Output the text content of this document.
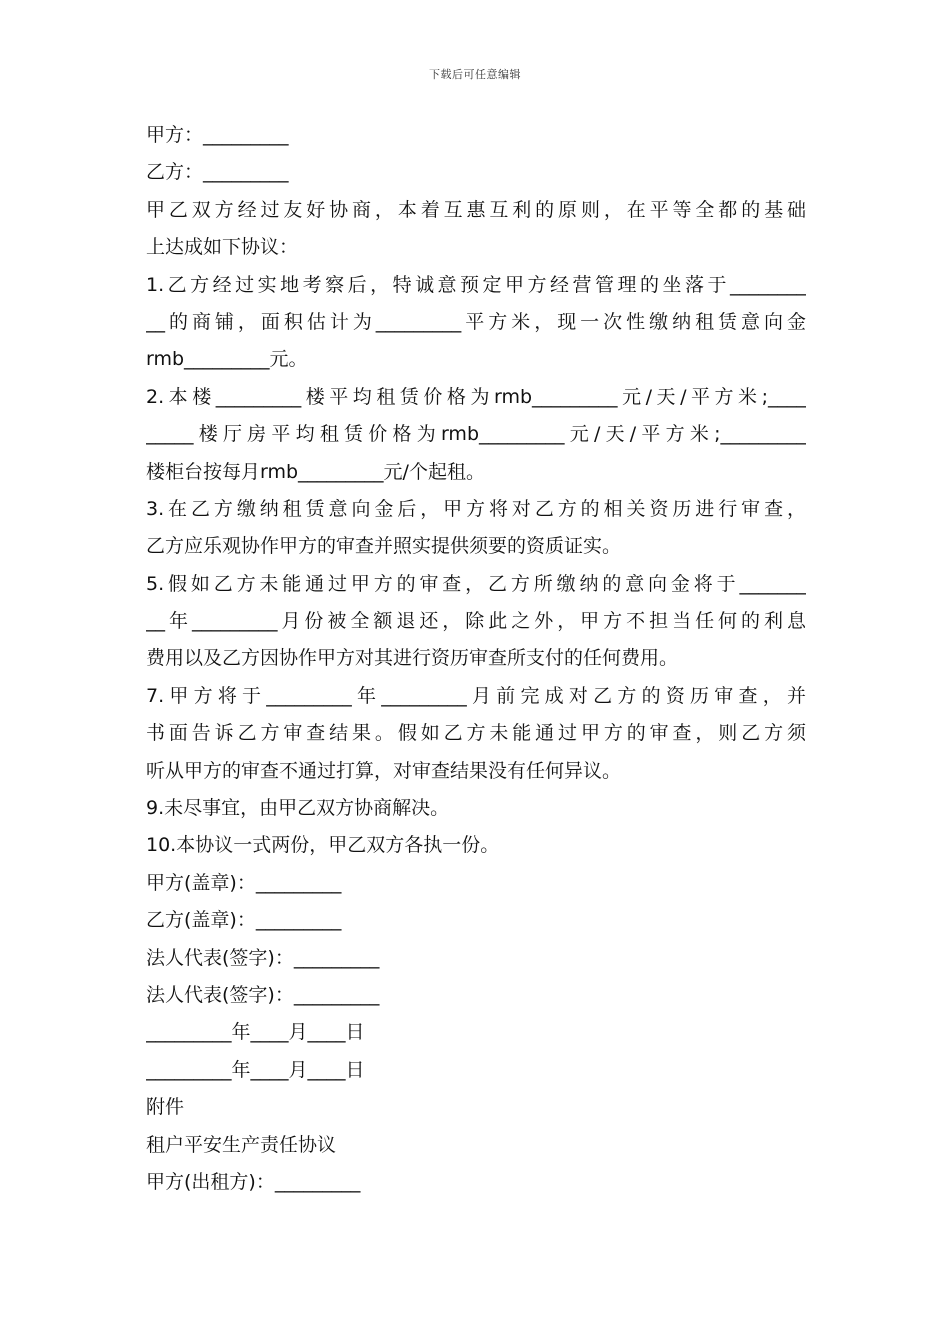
下载后可任意编辑
甲方：_________
乙方：_________
甲乙双方经过友好协商，本着互惠互利的原则，在平等全都的基础
上达成如下协议：
1.乙方经过实地考察后，特诚意预定甲方经营管理的坐落于________
__的商铺，面积估计为_________平方米，现一次性缴纳租赁意向金
rmb_________元。
2.本楼_________楼平均租赁价格为rmb_________元/天/平方米;____
_____楼厅房平均租赁价格为rmb_________元/天/平方米;_________
楼柜台按每月rmb_________元/个起租。
3.在乙方缴纳租赁意向金后，甲方将对乙方的相关资历进行审查，
乙方应乐观协作甲方的审查并照实提供须要的资质证实。
5.假如乙方未能通过甲方的审查，乙方所缴纳的意向金将于_______
__年_________月份被全额退还，除此之外，甲方不担当任何的利息
费用以及乙方因协作甲方对其进行资历审查所支付的任何费用。
7.甲方将于_________年_________月前完成对乙方的资历审查，并
书面告诉乙方审查结果。假如乙方未能通过甲方的审查，则乙方须
听从甲方的审查不通过打算，对审查结果没有任何异议。
9.未尽事宜，由甲乙双方协商解决。
10.本协议一式两份，甲乙双方各执一份。
甲方(盖章)：_________
乙方(盖章)：_________
法人代表(签字)：_________
法人代表(签字)：_________
_________年____月____日
_________年____月____日
附件
租户平安生产责任协议
甲方(出租方)：_________
